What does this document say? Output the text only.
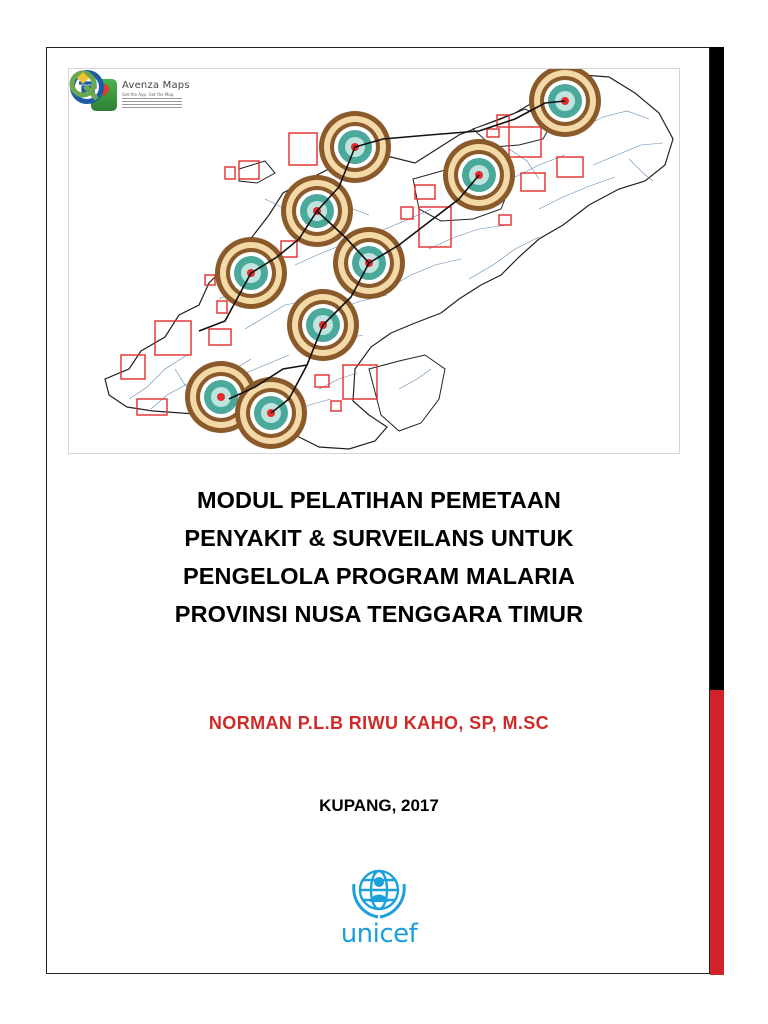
Avenza Maps
Get the App. Get the Map.
MODUL PELATIHAN PEMETAAN
PENYAKIT & SURVEILANS UNTUK
PENGELOLA PROGRAM MALARIA
PROVINSI NUSA TENGGARA TIMUR

NORMAN P.L.B RIWU KAHO, SP, M.SC

KUPANG, 2017

unicef
